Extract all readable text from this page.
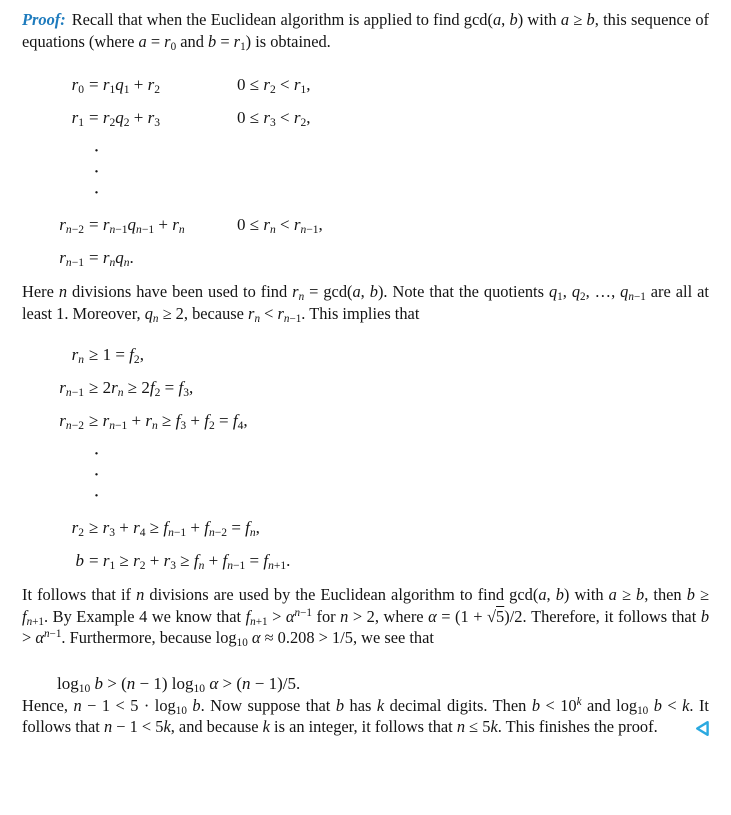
Proof: Recall that when the Euclidean algorithm is applied to find gcd(a, b) with a ≥ b, this sequence of equations (where $a = r_0$ and $b = r_1$) is obtained.

$r_0 = r_1q_1 + r_2$	$0 \le r_2 < r_1$,
$r_1 = r_2q_2 + r_3$	$0 \le r_3 < r_2$,
·
·
·
$r_{n-2} = r_{n-1}q_{n-1} + r_n$	$0 \le r_n < r_{n-1}$,
$r_{n-1} = r_nq_n$.

Here n divisions have been used to find $r_n = \gcd(a$, b). Note that the quotients $q_1$, $q_2$, …, $q_{n-1}$ are all at least 1. Moreover, $q_n \ge 2$, because $r_n < r_{n-1}$. This implies that

$r_n \ge 1 = f_2$,
$r_{n-1} \ge 2r_n \ge 2f_2 = f_3$,
$r_{n-2} \ge r_{n-1} + r_n \ge f_3 + f_2 = f_4$,
·
·
·
$r_2 \ge r_3 + r_4 \ge f_{n-1} + f_{n-2} = f_n$,
$b = r_1 \ge r_2 + r_3 \ge f_n + f_{n-1} = f_{n+1}$.

It follows that if n divisions are used by the Euclidean algorithm to find gcd(a, b) with a ≥ b, then $b \ge f_{n+1}$. By Example 4 we know that $f_{n+1} > \alpha^{n-1}$ for n > 2, where α = (1 + √5)/2. Therefore, it follows that $b > \alpha^{n-1}$. Furthermore, because $\log_{10} \alpha \approx 0.208 > 1/5$, we see that

$\log_{10} b > (n - 1)$ $\log_{10} \alpha > (n - 1)/5$.

Hence, $n - 1 < 5 \cdot \log_{10} b$. Now suppose that b has k decimal digits. Then $b < 10^k$ and $\log_{10} b < k$. It follows that n − 1 < 5k, and because k is an integer, it follows that n ≤ 5k. This finishes the proof.
